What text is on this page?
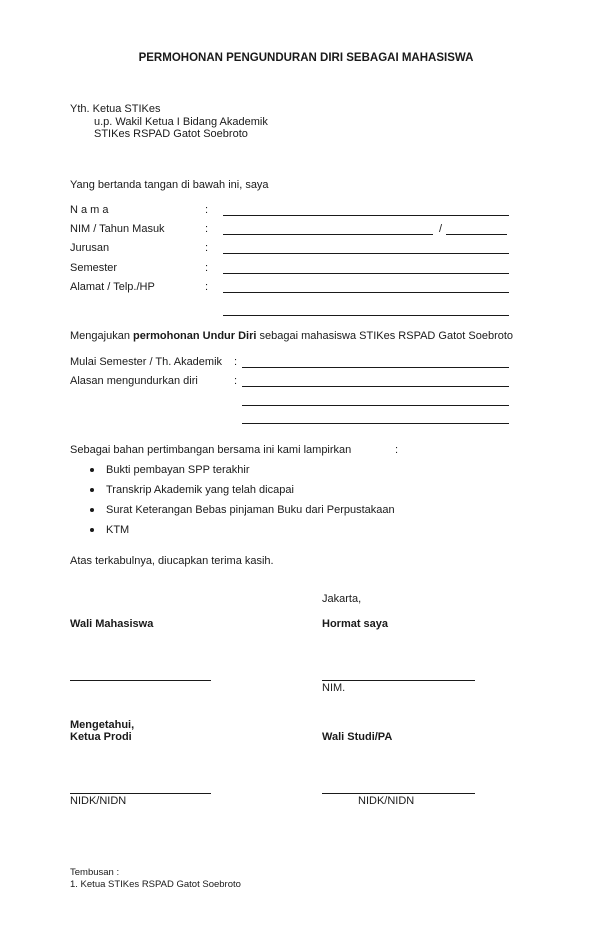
PERMOHONAN PENGUNDURAN DIRI SEBAGAI MAHASISWA
Yth. Ketua STIKes
u.p. Wakil Ketua I Bidang Akademik
STIKes RSPAD Gatot Soebroto
Yang bertanda tangan di bawah ini, saya
N a m a	:
NIM / Tahun Masuk	:	/
Jurusan	:
Semester	:
Alamat / Telp./HP	:
Mengajukan permohonan Undur Diri sebagai mahasiswa STIKes RSPAD Gatot Soebroto
Mulai Semester / Th. Akademik :
Alasan mengundurkan diri	:
Sebagai bahan pertimbangan bersama ini kami lampirkan	:
Bukti pembayan SPP terakhir
Transkrip Akademik yang telah dicapai
Surat Keterangan Bebas pinjaman Buku dari Perpustakaan
KTM
Atas terkabulnya, diucapkan terima kasih.
Jakarta,
Wali Mahasiswa	Hormat saya
NIM.
Mengetahui,
Ketua Prodi	Wali Studi/PA
NIDK/NIDN	NIDK/NIDN
Tembusan :
1. Ketua STIKes RSPAD Gatot Soebroto
